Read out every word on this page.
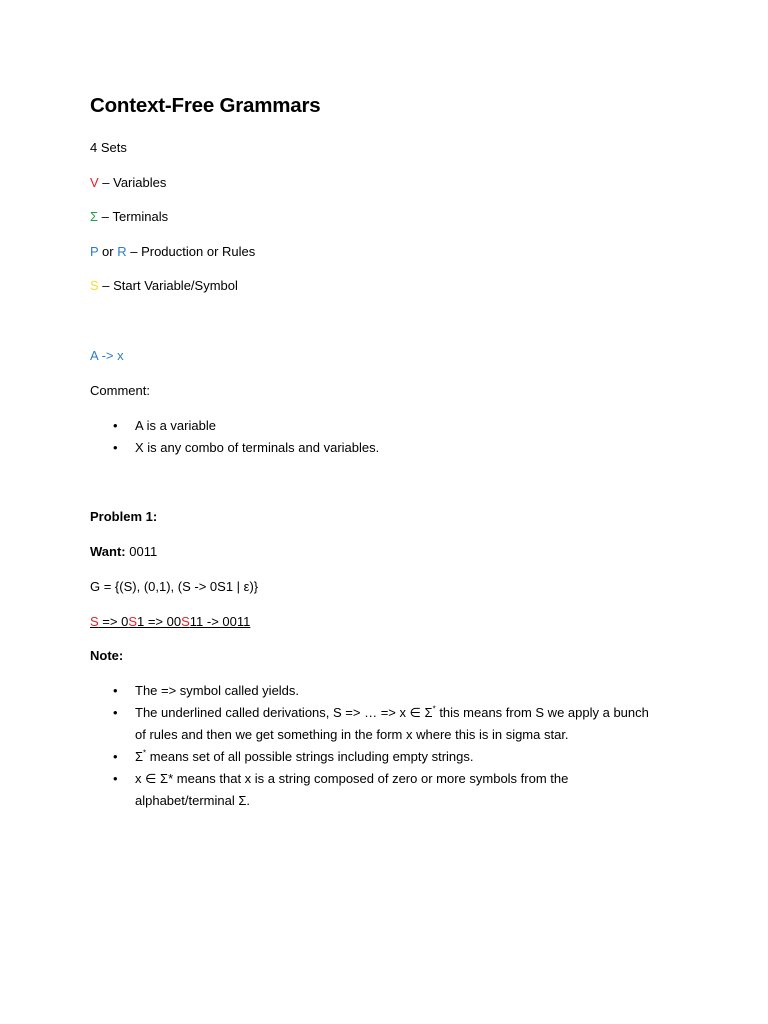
Context-Free Grammars
4 Sets
V – Variables
Σ – Terminals
P or R – Production or Rules
S – Start Variable/Symbol
A -> x
Comment:
• A is a variable
• X is any combo of terminals and variables.
Problem 1:
Want: 0011
G = {(S), (0,1), (S -> 0S1 | ε)}
S => 0S1 => 00S11 -> 0011
Note:
• The => symbol called yields.
• The underlined called derivations, S => … => x ∈ Σ* this means from S we apply a bunch
of rules and then we get something in the form x where this is in sigma star.
• Σ* means set of all possible strings including empty strings.
• x ∈ Σ* means that x is a string composed of zero or more symbols from the
alphabet/terminal Σ.
